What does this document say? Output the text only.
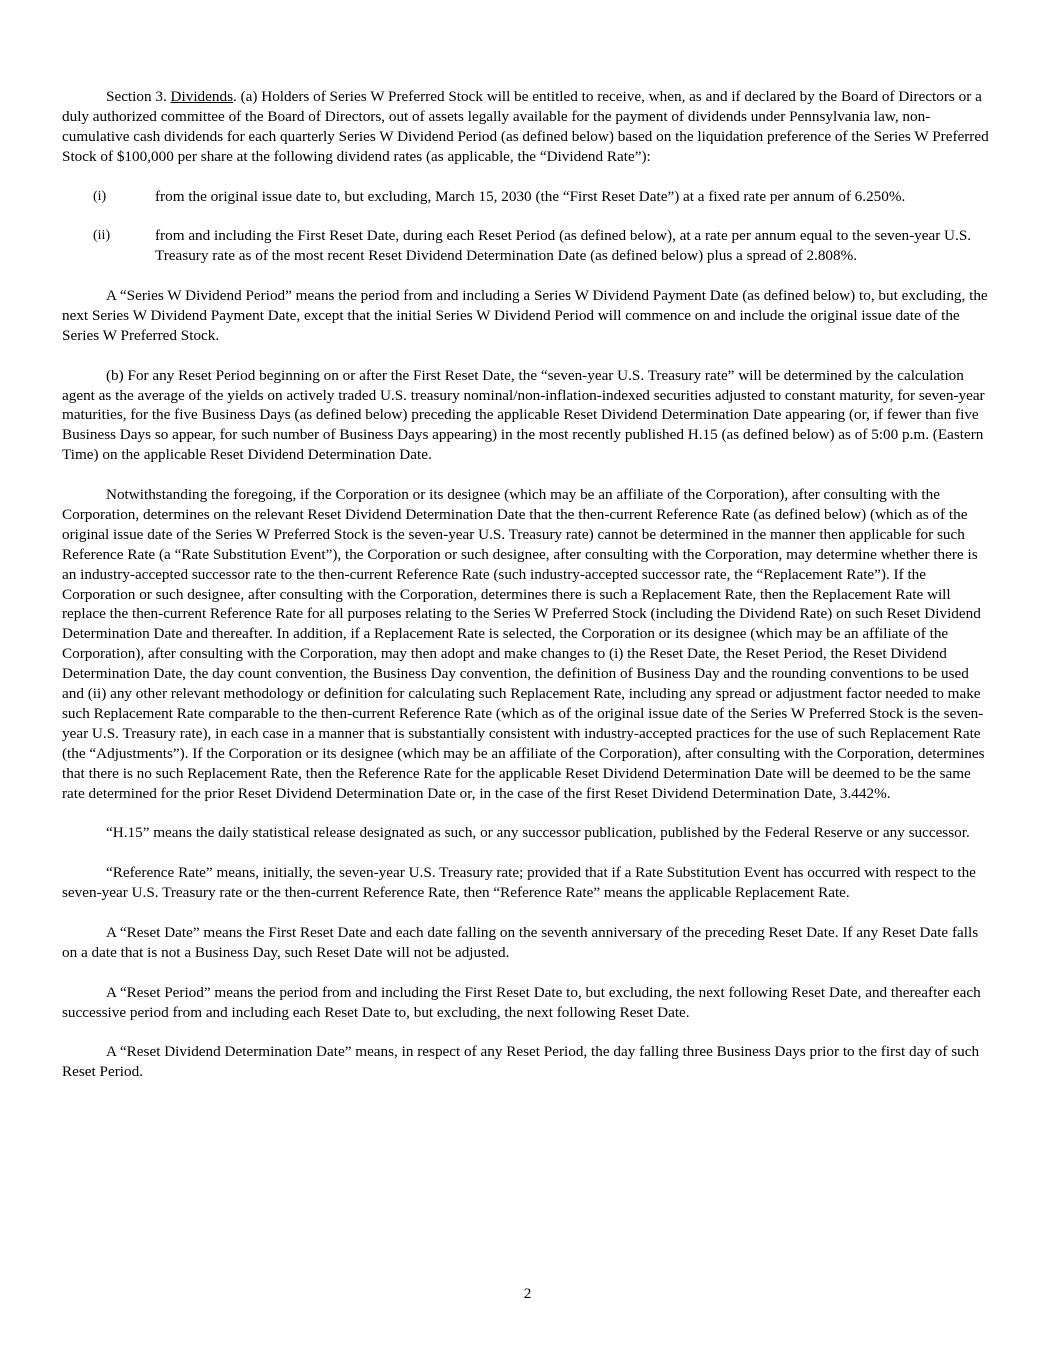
Section 3. Dividends. (a) Holders of Series W Preferred Stock will be entitled to receive, when, as and if declared by the Board of Directors or a duly authorized committee of the Board of Directors, out of assets legally available for the payment of dividends under Pennsylvania law, non-cumulative cash dividends for each quarterly Series W Dividend Period (as defined below) based on the liquidation preference of the Series W Preferred Stock of $100,000 per share at the following dividend rates (as applicable, the “Dividend Rate”):

(i)	from the original issue date to, but excluding, March 15, 2030 (the “First Reset Date”) at a fixed rate per annum of 6.250%.
(ii)	from and including the First Reset Date, during each Reset Period (as defined below), at a rate per annum equal to the seven-year U.S. Treasury rate as of the most recent Reset Dividend Determination Date (as defined below) plus a spread of 2.808%.

A “Series W Dividend Period” means the period from and including a Series W Dividend Payment Date (as defined below) to, but excluding, the next Series W Dividend Payment Date, except that the initial Series W Dividend Period will commence on and include the original issue date of the Series W Preferred Stock.

(b) For any Reset Period beginning on or after the First Reset Date, the “seven-year U.S. Treasury rate” will be determined by the calculation agent as the average of the yields on actively traded U.S. treasury nominal/non-inflation-indexed securities adjusted to constant maturity, for seven-year maturities, for the five Business Days (as defined below) preceding the applicable Reset Dividend Determination Date appearing (or, if fewer than five Business Days so appear, for such number of Business Days appearing) in the most recently published H.15 (as defined below) as of 5:00 p.m. (Eastern Time) on the applicable Reset Dividend Determination Date.

Notwithstanding the foregoing, if the Corporation or its designee (which may be an affiliate of the Corporation), after consulting with the Corporation, determines on the relevant Reset Dividend Determination Date that the then-current Reference Rate (as defined below) (which as of the original issue date of the Series W Preferred Stock is the seven-year U.S. Treasury rate) cannot be determined in the manner then applicable for such Reference Rate (a “Rate Substitution Event”), the Corporation or such designee, after consulting with the Corporation, may determine whether there is an industry-accepted successor rate to the then-current Reference Rate (such industry-accepted successor rate, the “Replacement Rate”). If the Corporation or such designee, after consulting with the Corporation, determines there is such a Replacement Rate, then the Replacement Rate will replace the then-current Reference Rate for all purposes relating to the Series W Preferred Stock (including the Dividend Rate) on such Reset Dividend Determination Date and thereafter. In addition, if a Replacement Rate is selected, the Corporation or its designee (which may be an affiliate of the Corporation), after consulting with the Corporation, may then adopt and make changes to (i) the Reset Date, the Reset Period, the Reset Dividend Determination Date, the day count convention, the Business Day convention, the definition of Business Day and the rounding conventions to be used and (ii) any other relevant methodology or definition for calculating such Replacement Rate, including any spread or adjustment factor needed to make such Replacement Rate comparable to the then-current Reference Rate (which as of the original issue date of the Series W Preferred Stock is the seven-year U.S. Treasury rate), in each case in a manner that is substantially consistent with industry-accepted practices for the use of such Replacement Rate (the “Adjustments”). If the Corporation or its designee (which may be an affiliate of the Corporation), after consulting with the Corporation, determines that there is no such Replacement Rate, then the Reference Rate for the applicable Reset Dividend Determination Date will be deemed to be the same rate determined for the prior Reset Dividend Determination Date or, in the case of the first Reset Dividend Determination Date, 3.442%.

“H.15” means the daily statistical release designated as such, or any successor publication, published by the Federal Reserve or any successor.

“Reference Rate” means, initially, the seven-year U.S. Treasury rate; provided that if a Rate Substitution Event has occurred with respect to the seven-year U.S. Treasury rate or the then-current Reference Rate, then “Reference Rate” means the applicable Replacement Rate.

A “Reset Date” means the First Reset Date and each date falling on the seventh anniversary of the preceding Reset Date. If any Reset Date falls on a date that is not a Business Day, such Reset Date will not be adjusted.

A “Reset Period” means the period from and including the First Reset Date to, but excluding, the next following Reset Date, and thereafter each successive period from and including each Reset Date to, but excluding, the next following Reset Date.

A “Reset Dividend Determination Date” means, in respect of any Reset Period, the day falling three Business Days prior to the first day of such Reset Period.

2
